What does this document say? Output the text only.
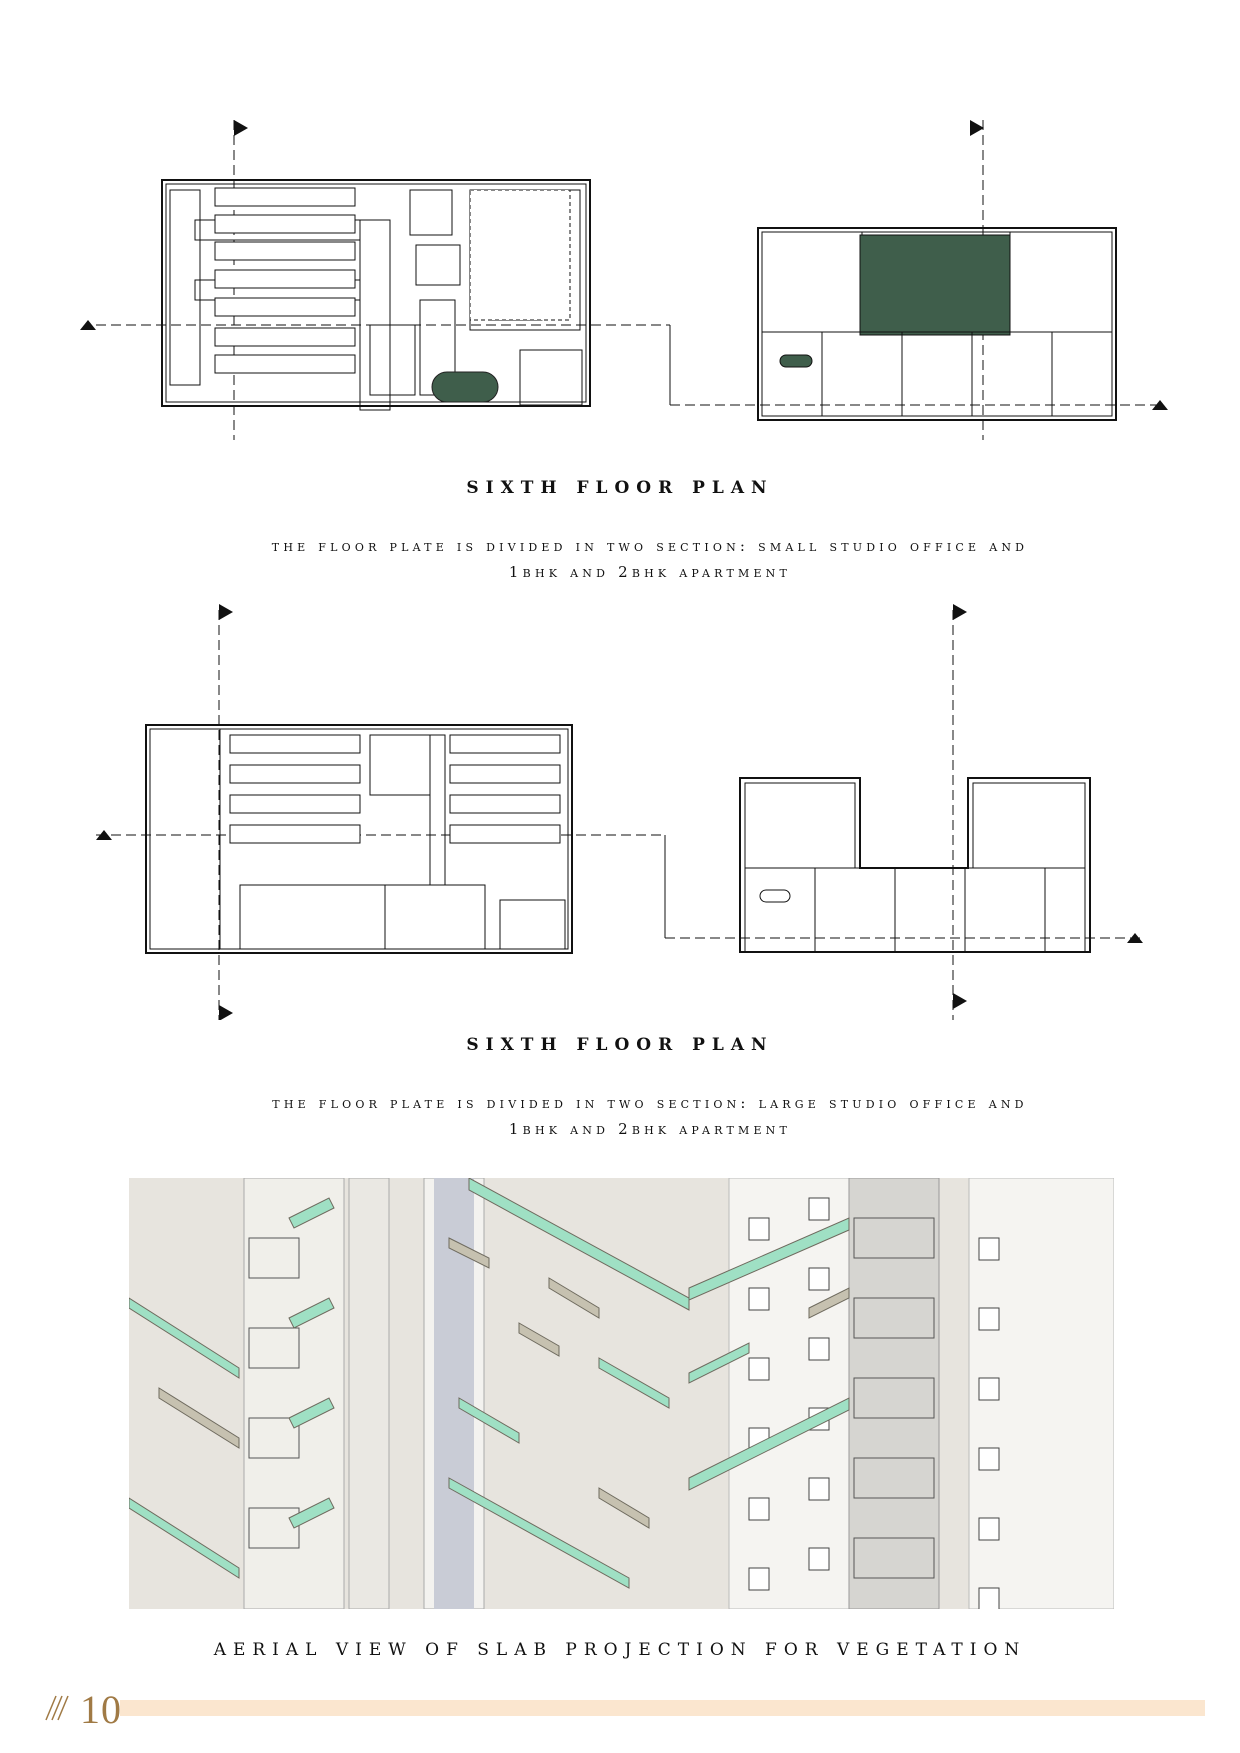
SIXTH FLOOR PLAN

the floor plate is divided in two section: small studio office and

1bhk and 2bhk apartment

SIXTH FLOOR PLAN

the floor plate is divided in two section: large studio office and

1bhk and 2bhk apartment

AERIAL VIEW OF SLAB PROJECTION FOR VEGETATION

10
